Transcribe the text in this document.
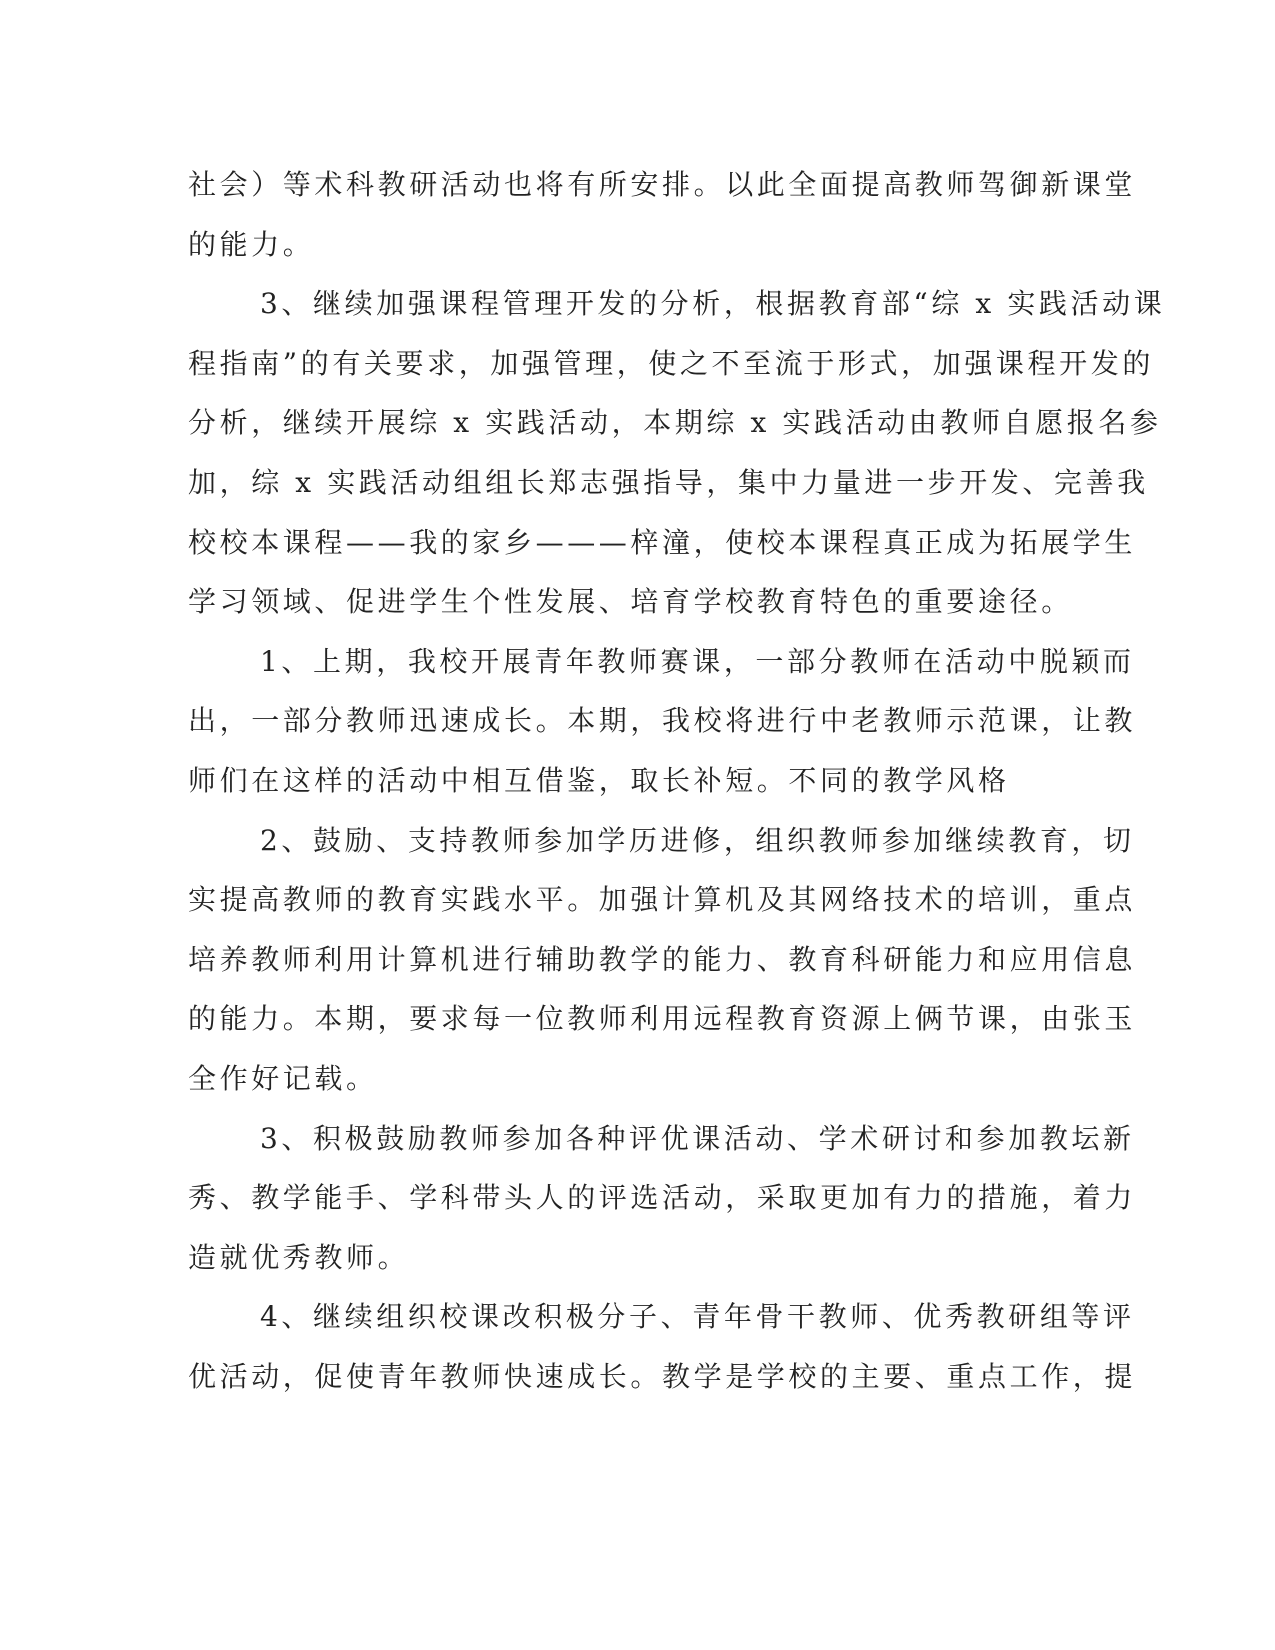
社会）等术科教研活动也将有所安排。以此全面提高教师驾御新课堂
的能力。
3、继续加强课程管理开发的分析，根据教育部“综 x 实践活动课
程指南”的有关要求，加强管理，使之不至流于形式，加强课程开发的
分析，继续开展综 x 实践活动，本期综 x 实践活动由教师自愿报名参
加，综 x 实践活动组组长郑志强指导，集中力量进一步开发、完善我
校校本课程——我的家乡———梓潼，使校本课程真正成为拓展学生
学习领域、促进学生个性发展、培育学校教育特色的重要途径。
1、上期，我校开展青年教师赛课，一部分教师在活动中脱颖而
出，一部分教师迅速成长。本期，我校将进行中老教师示范课，让教
师们在这样的活动中相互借鉴，取长补短。不同的教学风格
2、鼓励、支持教师参加学历进修，组织教师参加继续教育，切
实提高教师的教育实践水平。加强计算机及其网络技术的培训，重点
培养教师利用计算机进行辅助教学的能力、教育科研能力和应用信息
的能力。本期，要求每一位教师利用远程教育资源上俩节课，由张玉
全作好记载。
3、积极鼓励教师参加各种评优课活动、学术研讨和参加教坛新
秀、教学能手、学科带头人的评选活动，采取更加有力的措施，着力
造就优秀教师。
4、继续组织校课改积极分子、青年骨干教师、优秀教研组等评
优活动，促使青年教师快速成长。教学是学校的主要、重点工作，提
